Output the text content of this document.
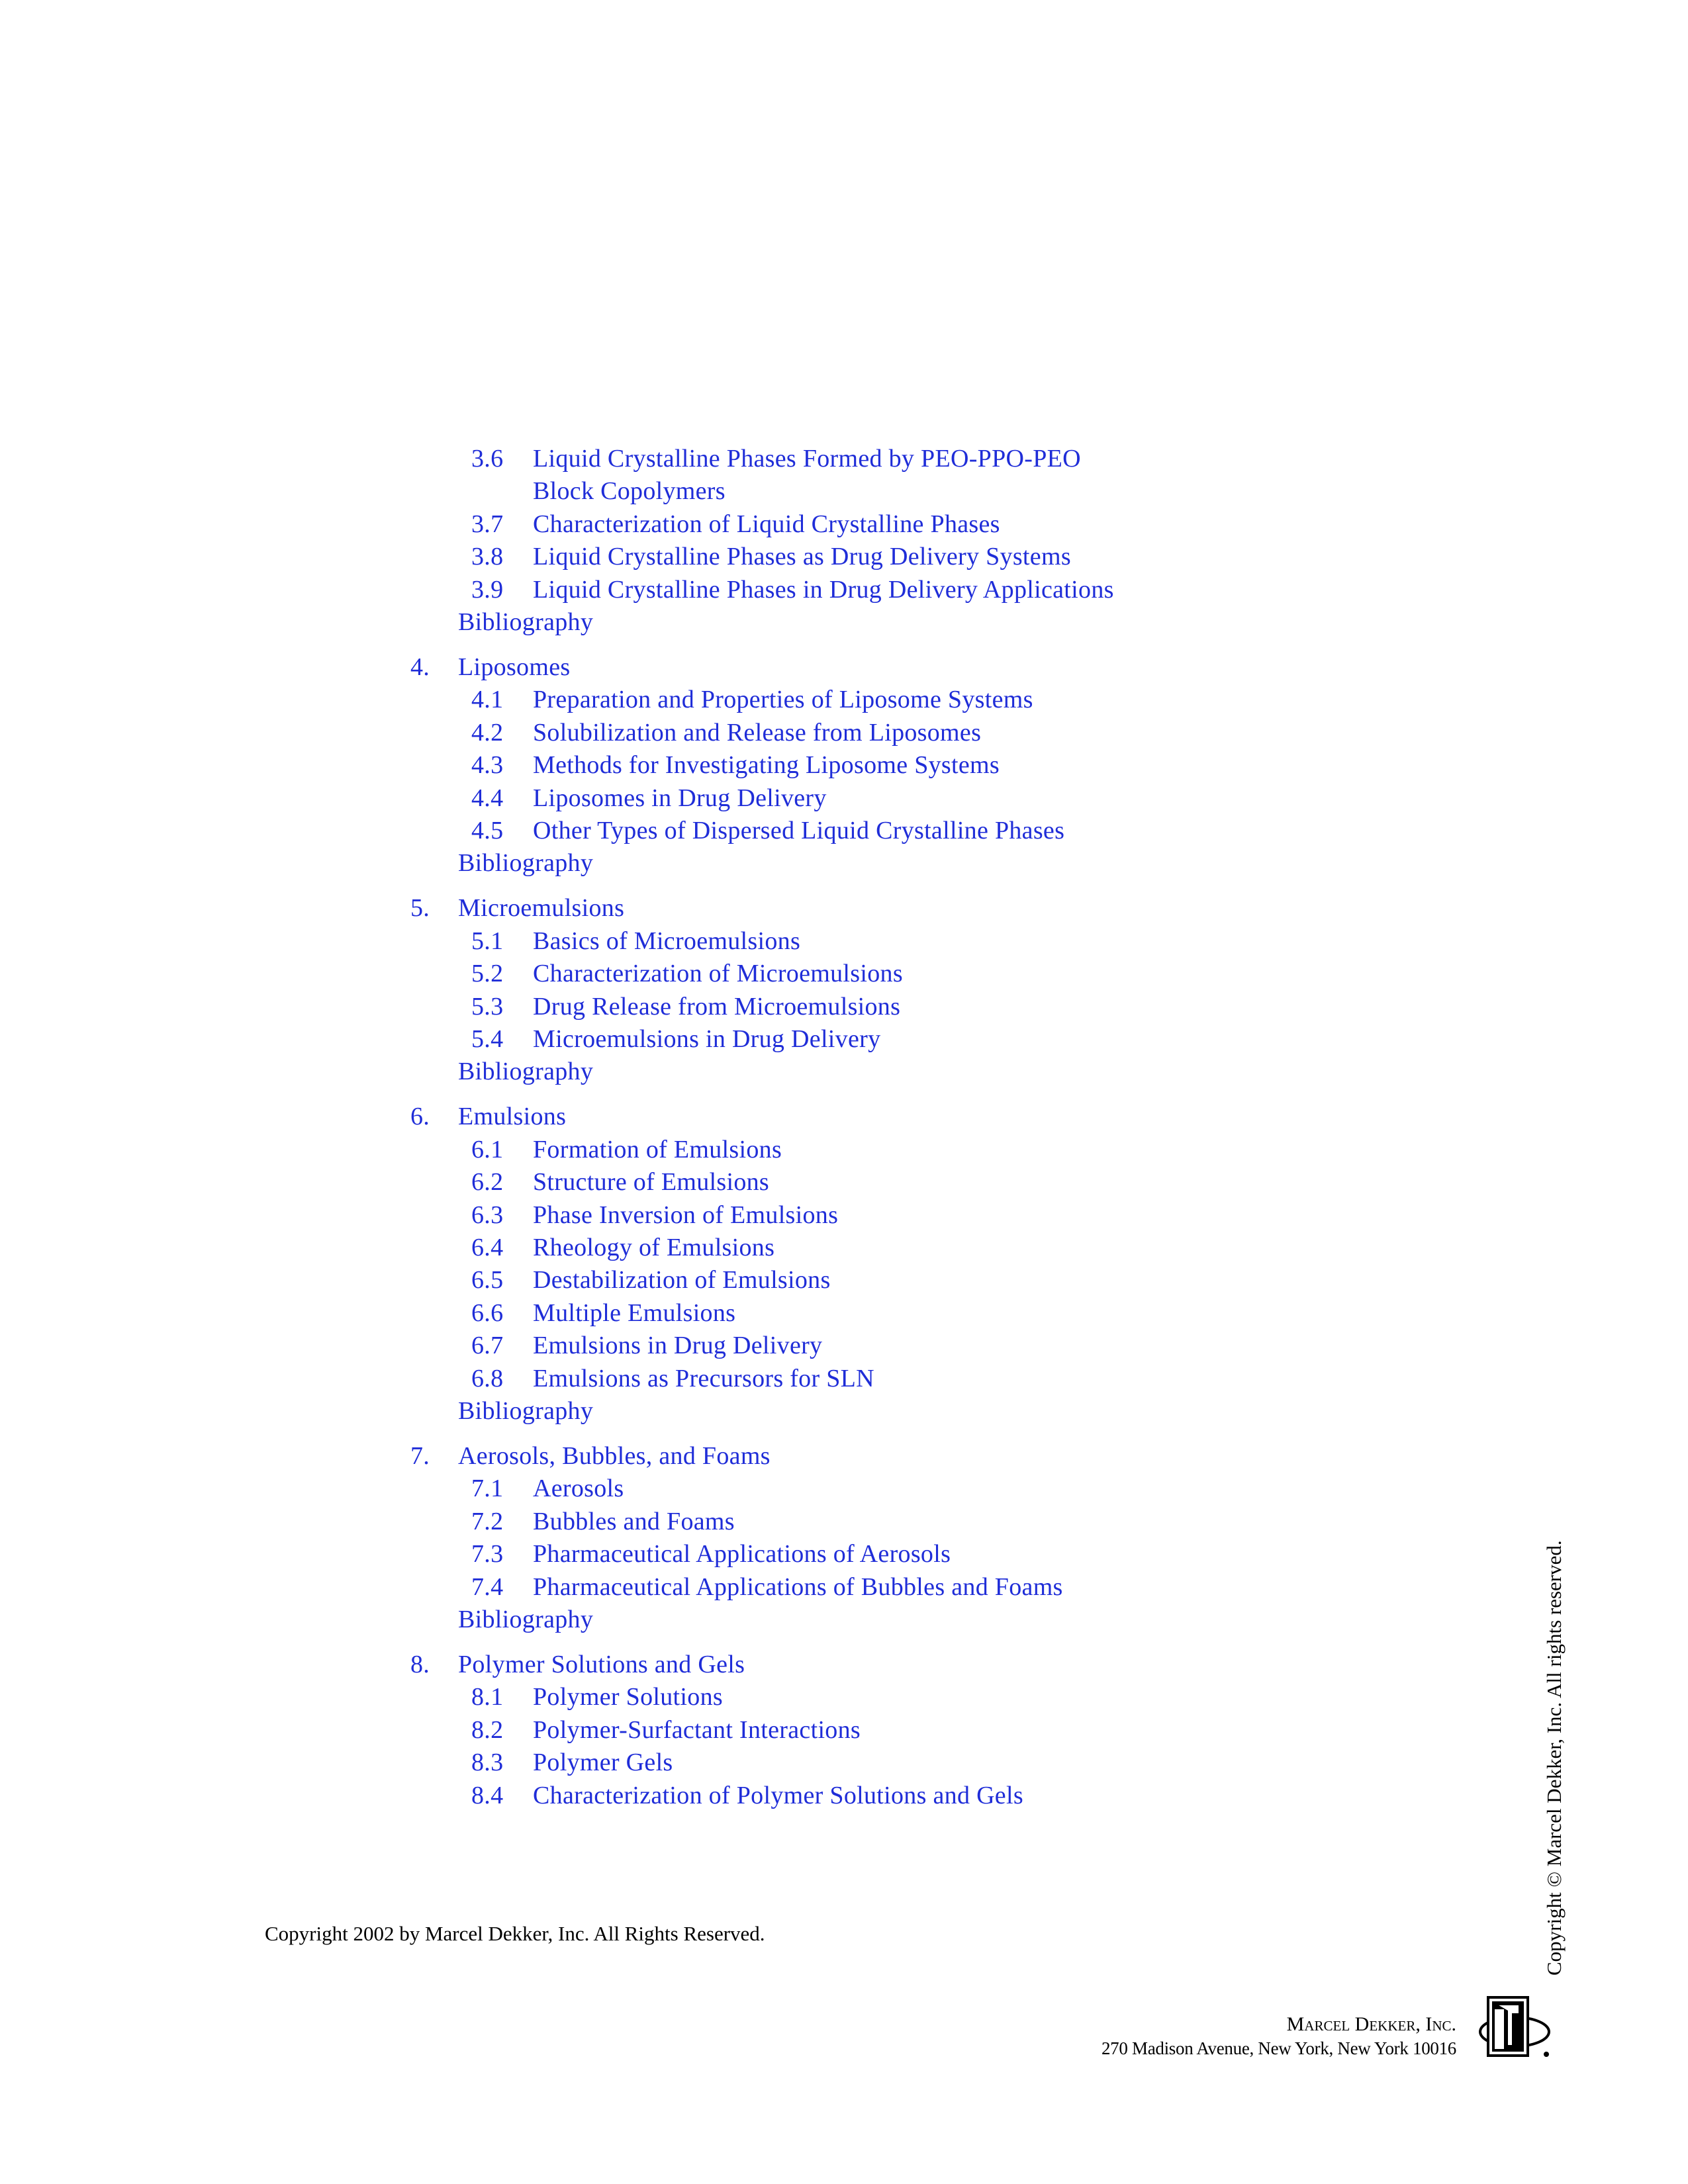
3.6 Liquid Crystalline Phases Formed by PEO-PPO-PEO
Block Copolymers
3.7 Characterization of Liquid Crystalline Phases
3.8 Liquid Crystalline Phases as Drug Delivery Systems
3.9 Liquid Crystalline Phases in Drug Delivery Applications
Bibliography
4. Liposomes
4.1 Preparation and Properties of Liposome Systems
4.2 Solubilization and Release from Liposomes
4.3 Methods for Investigating Liposome Systems
4.4 Liposomes in Drug Delivery
4.5 Other Types of Dispersed Liquid Crystalline Phases
Bibliography
5. Microemulsions
5.1 Basics of Microemulsions
5.2 Characterization of Microemulsions
5.3 Drug Release from Microemulsions
5.4 Microemulsions in Drug Delivery
Bibliography
6. Emulsions
6.1 Formation of Emulsions
6.2 Structure of Emulsions
6.3 Phase Inversion of Emulsions
6.4 Rheology of Emulsions
6.5 Destabilization of Emulsions
6.6 Multiple Emulsions
6.7 Emulsions in Drug Delivery
6.8 Emulsions as Precursors for SLN
Bibliography
7. Aerosols, Bubbles, and Foams
7.1 Aerosols
7.2 Bubbles and Foams
7.3 Pharmaceutical Applications of Aerosols
7.4 Pharmaceutical Applications of Bubbles and Foams
Bibliography
8. Polymer Solutions and Gels
8.1 Polymer Solutions
8.2 Polymer-Surfactant Interactions
8.3 Polymer Gels
8.4 Characterization of Polymer Solutions and Gels
Copyright 2002 by Marcel Dekker, Inc. All Rights Reserved.	Copyright © Marcel Dekker, Inc. All rights reserved.
Marcel Dekker, Inc.
270 Madison Avenue, New York, New York 10016
